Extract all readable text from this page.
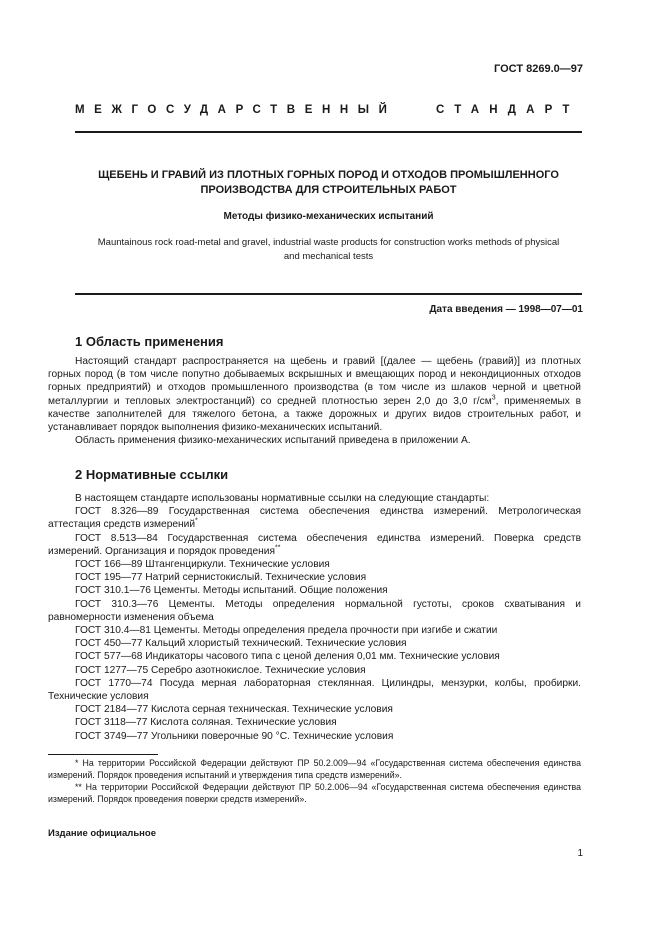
ГОСТ 8269.0—97
МЕЖГОСУДАРСТВЕННЫЙ	СТАНДАРТ
ЩЕБЕНЬ И ГРАВИЙ ИЗ ПЛОТНЫХ ГОРНЫХ ПОРОД И ОТХОДОВ ПРОМЫШЛЕННОГО
ПРОИЗВОДСТВА ДЛЯ СТРОИТЕЛЬНЫХ РАБОТ
Методы физико-механических испытаний
Mauntainous rock road-metal and gravel, industrial waste products for construction works methods of physical
and mechanical tests
Дата введения — 1998—07—01
1 Область применения

Настоящий стандарт распространяется на щебень и гравий [(далее — щебень (гравий)] из плотных горных пород (в том числе попутно добываемых вскрышных и вмещающих пород и некондиционных отходов горных предприятий) и отходов промышленного производства (в том числе из шлаков черной и цветной металлургии и тепловых электростанций) со средней плотностью зерен 2,0 до 3,0 $г/см^3$, применяемых в качестве заполнителей для тяжелого бетона, а также дорожных и других видов строительных работ, и устанавливает порядок выполнения физико-механических испытаний.

Область применения физико-механических испытаний приведена в приложении А.

2 Нормативные ссылки

В настоящем стандарте использованы нормативные ссылки на следующие стандарты:

ГОСТ 8.326—89 Государственная система обеспечения единства измерений. Метрологическая аттестация средств измерений*

ГОСТ 8.513—84 Государственная система обеспечения единства измерений. Поверка средств измерений. Организация и порядок проведения**

ГОСТ 166—89 Штангенциркули. Технические условия

ГОСТ 195—77 Натрий сернистокислый. Технические условия

ГОСТ 310.1—76 Цементы. Методы испытаний. Общие положения

ГОСТ 310.3—76 Цементы. Методы определения нормальной густоты, сроков схватывания и равномерности изменения объема

ГОСТ 310.4—81 Цементы. Методы определения предела прочности при изгибе и сжатии

ГОСТ 450—77 Кальций хлористый технический. Технические условия

ГОСТ 577—68 Индикаторы часового типа с ценой деления 0,01 мм. Технические условия

ГОСТ 1277—75 Серебро азотнокислое. Технические условия

ГОСТ 1770—74 Посуда мерная лабораторная стеклянная. Цилиндры, мензурки, колбы, пробирки. Технические условия

ГОСТ 2184—77 Кислота серная техническая. Технические условия

ГОСТ 3118—77 Кислота соляная. Технические условия

ГОСТ 3749—77 Угольники поверочные 90 °С. Технические условия

* На территории Российской Федерации действуют ПР 50.2.009—94 «Государственная система обеспечения единства измерений. Порядок проведения испытаний и утверждения типа средств измерений».

** На территории Российской Федерации действуют ПР 50.2.006—94 «Государственная система обеспечения единства измерений. Порядок проведения поверки средств измерений».

Издание официальное
1
